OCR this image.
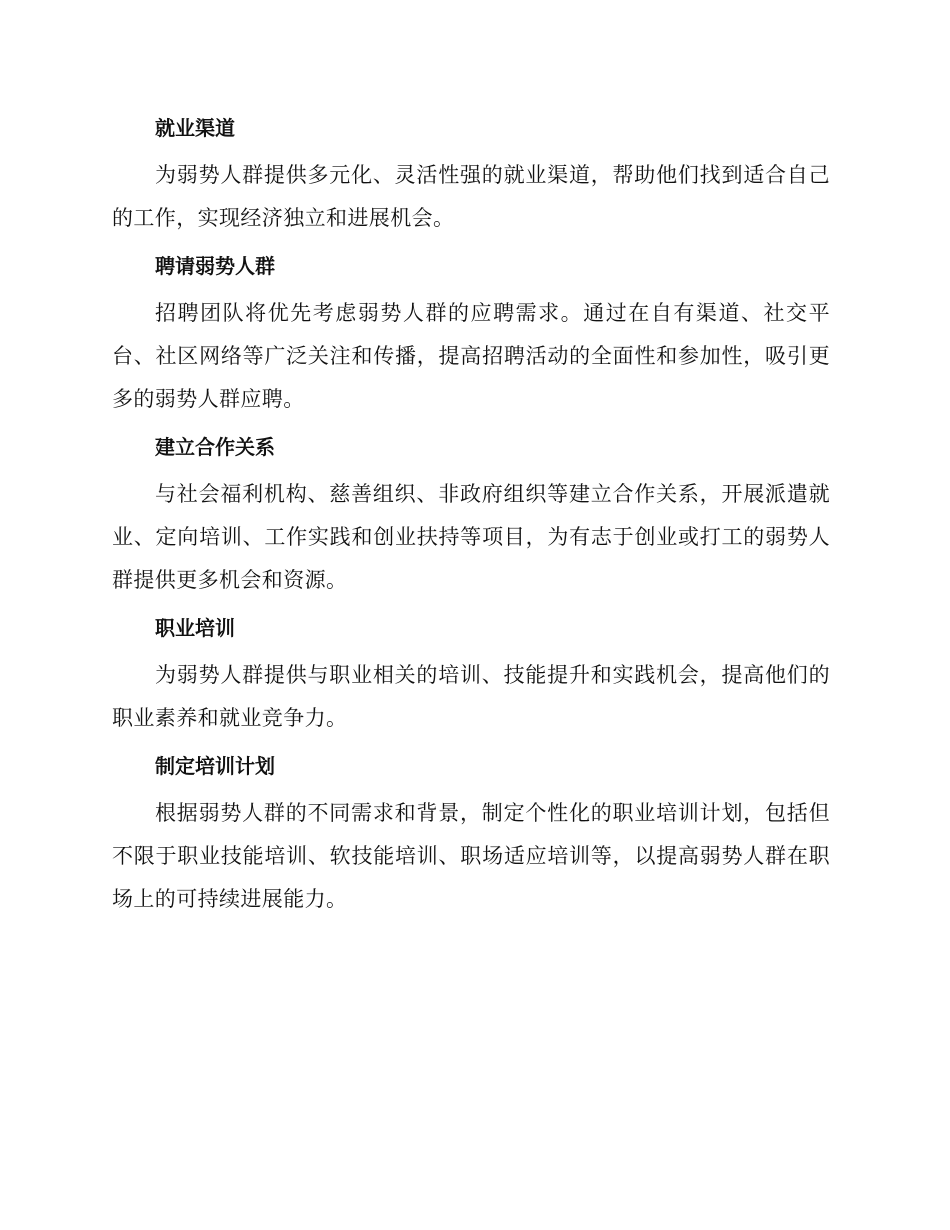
就业渠道

为弱势人群提供多元化、灵活性强的就业渠道，帮助他们找到适合自己的工作，实现经济独立和进展机会。

聘请弱势人群

招聘团队将优先考虑弱势人群的应聘需求。通过在自有渠道、社交平台、社区网络等广泛关注和传播，提高招聘活动的全面性和参加性，吸引更多的弱势人群应聘。

建立合作关系

与社会福利机构、慈善组织、非政府组织等建立合作关系，开展派遣就业、定向培训、工作实践和创业扶持等项目，为有志于创业或打工的弱势人群提供更多机会和资源。

职业培训

为弱势人群提供与职业相关的培训、技能提升和实践机会，提高他们的职业素养和就业竞争力。

制定培训计划

根据弱势人群的不同需求和背景，制定个性化的职业培训计划，包括但不限于职业技能培训、软技能培训、职场适应培训等，以提高弱势人群在职场上的可持续进展能力。
